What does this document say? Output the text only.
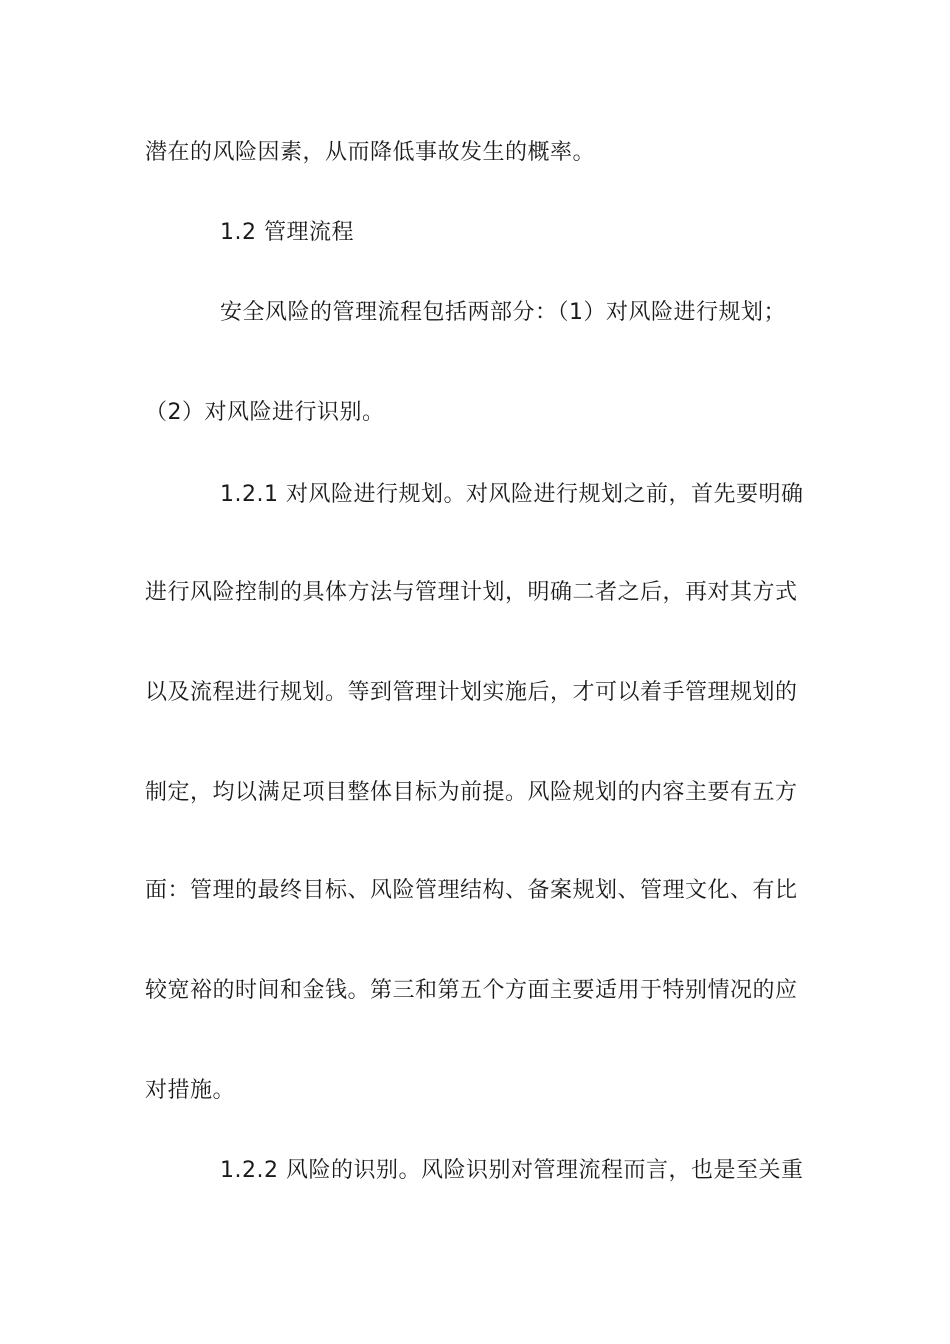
潜在的风险因素，从而降低事故发生的概率。
1.2 管理流程
安全风险的管理流程包括两部分：（1）对风险进行规划；
（2）对风险进行识别。
1.2.1 对风险进行规划。对风险进行规划之前，首先要明确
进行风险控制的具体方法与管理计划，明确二者之后，再对其方式
以及流程进行规划。等到管理计划实施后，才可以着手管理规划的
制定，均以满足项目整体目标为前提。风险规划的内容主要有五方
面：管理的最终目标、风险管理结构、备案规划、管理文化、有比
较宽裕的时间和金钱。第三和第五个方面主要适用于特别情况的应
对措施。
1.2.2 风险的识别。风险识别对管理流程而言，也是至关重
